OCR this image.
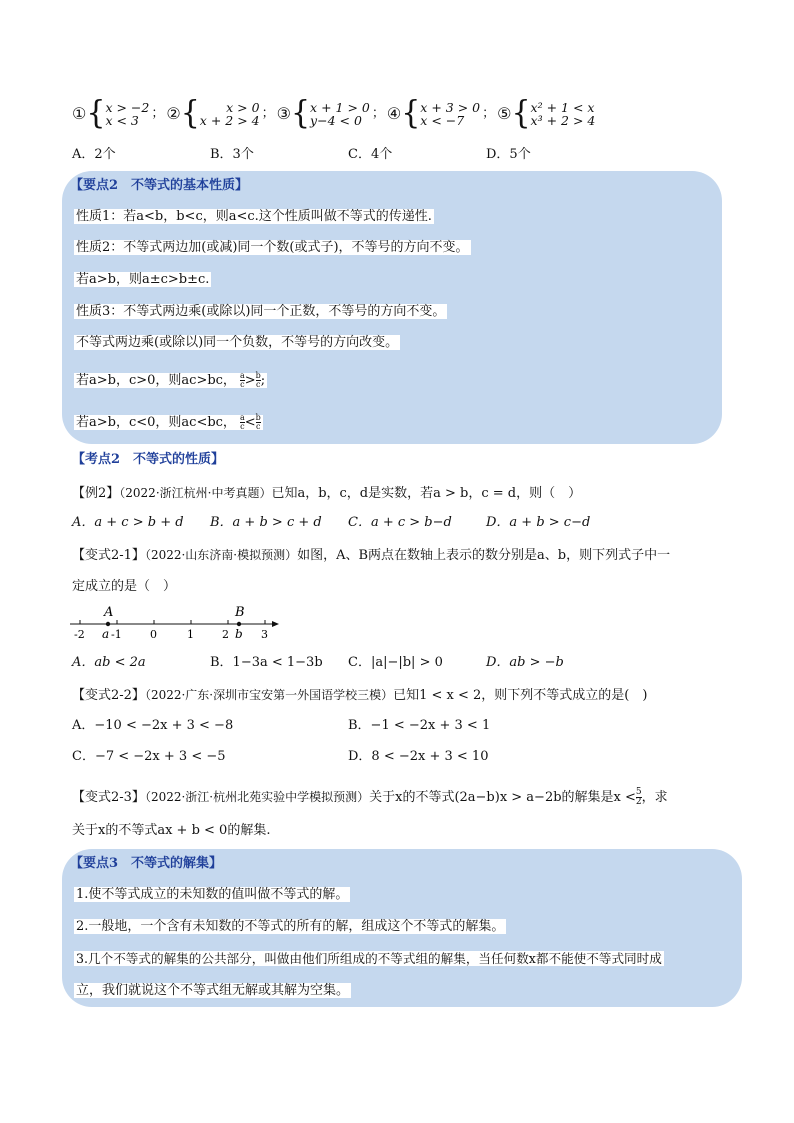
① { x > −2
x < 3 ； ② {	x > 0
x + 2 > 4 ； ③ { x + 1 > 0
y−4 < 0 ； ④ { x + 3 > 0
x < −7	； ⑤ { x² + 1 < x
x³ + 2 > 4
A．2个	B．3个	C．4个	D．5个
【要点2　不等式的基本性质】
性质1：若a<b，b<c，则a<c.这个性质叫做不等式的传递性.
性质2：不等式两边加(或减)同一个数(或式子)，不等号的方向不变。
若a>b，则a±c>b±c.
性质3：不等式两边乘(或除以)同一个正数，不等号的方向不变。
不等式两边乘(或除以)同一个负数，不等号的方向改变。
若a>b，c>0，则ac>bc， $\frac{a}{c} > \frac{b}{c}$ ;
若a>b，c<0，则ac<bc， $\frac{a}{c} < \frac{b}{c}$
【考点2　不等式的性质】
【例2】（2022·浙江杭州·中考真题）已知a，b，c，d是实数，若a > b，c = d，则（　）
A．a + c > b + d B．a + b > c + d C．a + c > b−d	D．a + b > c−d
【变式2-1】（2022·山东济南·模拟预测）如图，A、B两点在数轴上表示的数分别是a、b，则下列式子中一
定成立的是（　）
A	B
-2 a -1	0	1	2 b 3
A．ab < 2a	B．1−3a < 1−3b C．|a|−|b| > 0	D．ab > −b
【变式2-2】（2022·广东·深圳市宝安第一外国语学校三模）已知1 < x < 2，则下列不等式成立的是(　)
A．−10 < −2x + 3 < −8	B．−1 < −2x + 3 < 1
C．−7 < −2x + 3 < −5	D．8 < −2x + 3 < 10
【变式2-3】（2022·浙江·杭州北苑实验中学模拟预测）关于x的不等式(2a−b)x > a−2b的解集是$x < \frac{5}{2}$ ，求
关于x的不等式ax + b < 0的解集.
【要点3　不等式的解集】
1.使不等式成立的未知数的值叫做不等式的解。
2.一般地，一个含有未知数的不等式的所有的解，组成这个不等式的解集。
3.几个不等式的解集的公共部分，叫做由他们所组成的不等式组的解集，当任何数x都不能使不等式同时成
立，我们就说这个不等式组无解或其解为空集。
